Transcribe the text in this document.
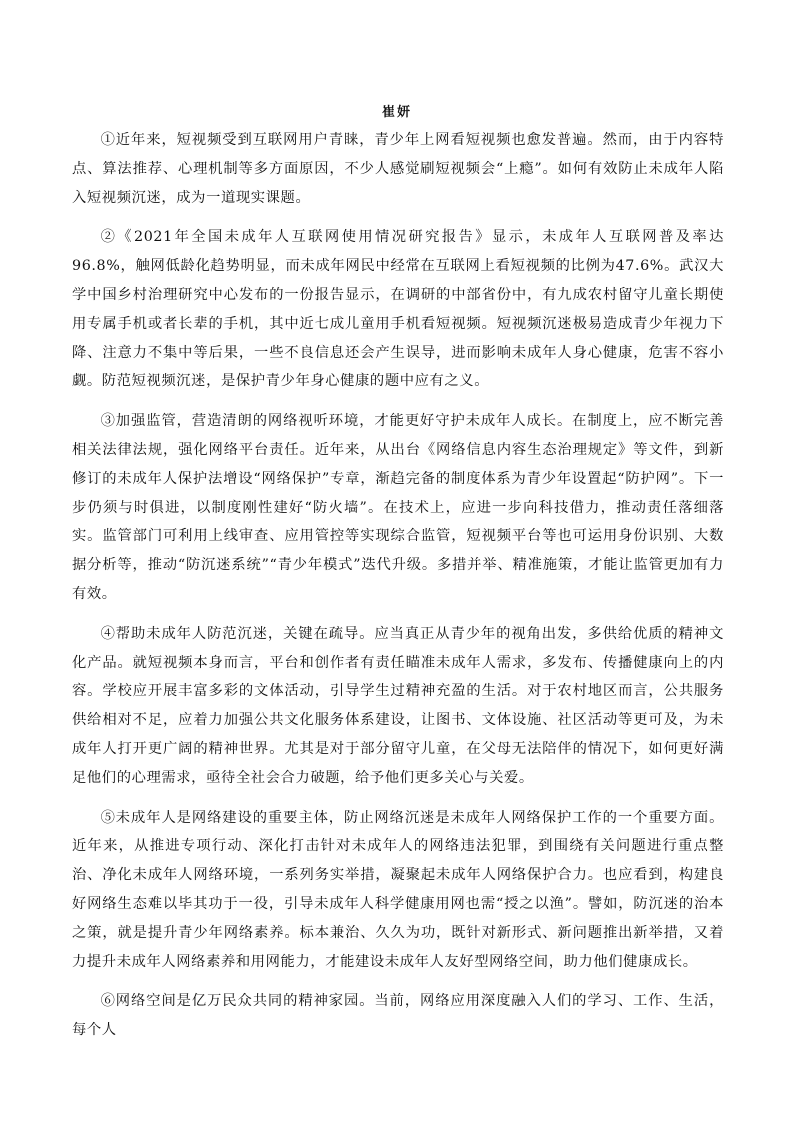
崔妍

①近年来，短视频受到互联网用户青睐，青少年上网看短视频也愈发普遍。然而，由于内容特点、算法推荐、心理机制等多方面原因，不少人感觉刷短视频会“上瘾”。如何有效防止未成年人陷入短视频沉迷，成为一道现实课题。

②《2021年全国未成年人互联网使用情况研究报告》显示，未成年人互联网普及率达96.8%，触网低龄化趋势明显，而未成年网民中经常在互联网上看短视频的比例为47.6%。武汉大学中国乡村治理研究中心发布的一份报告显示，在调研的中部省份中，有九成农村留守儿童长期使用专属手机或者长辈的手机，其中近七成儿童用手机看短视频。短视频沉迷极易造成青少年视力下降、注意力不集中等后果，一些不良信息还会产生误导，进而影响未成年人身心健康，危害不容小觑。防范短视频沉迷，是保护青少年身心健康的题中应有之义。

③加强监管，营造清朗的网络视听环境，才能更好守护未成年人成长。在制度上，应不断完善相关法律法规，强化网络平台责任。近年来，从出台《网络信息内容生态治理规定》等文件，到新修订的未成年人保护法增设“网络保护”专章，渐趋完备的制度体系为青少年设置起“防护网”。下一步仍须与时俱进，以制度刚性建好“防火墙”。在技术上，应进一步向科技借力，推动责任落细落实。监管部门可利用上线审查、应用管控等实现综合监管，短视频平台等也可运用身份识别、大数据分析等，推动“防沉迷系统”“青少年模式”迭代升级。多措并举、精准施策，才能让监管更加有力有效。

④帮助未成年人防范沉迷，关键在疏导。应当真正从青少年的视角出发，多供给优质的精神文化产品。就短视频本身而言，平台和创作者有责任瞄准未成年人需求，多发布、传播健康向上的内容。学校应开展丰富多彩的文体活动，引导学生过精神充盈的生活。对于农村地区而言，公共服务供给相对不足，应着力加强公共文化服务体系建设，让图书、文体设施、社区活动等更可及，为未成年人打开更广阔的精神世界。尤其是对于部分留守儿童，在父母无法陪伴的情况下，如何更好满足他们的心理需求，亟待全社会合力破题，给予他们更多关心与关爱。

⑤未成年人是网络建设的重要主体，防止网络沉迷是未成年人网络保护工作的一个重要方面。近年来，从推进专项行动、深化打击针对未成年人的网络违法犯罪，到围绕有关问题进行重点整治、净化未成年人网络环境，一系列务实举措，凝聚起未成年人网络保护合力。也应看到，构建良好网络生态难以毕其功于一役，引导未成年人科学健康用网也需“授之以渔”。譬如，防沉迷的治本之策，就是提升青少年网络素养。标本兼治、久久为功，既针对新形式、新问题推出新举措，又着力提升未成年人网络素养和用网能力，才能建设未成年人友好型网络空间，助力他们健康成长。

⑥网络空间是亿万民众共同的精神家园。当前，网络应用深度融入人们的学习、工作、生活，每个人
